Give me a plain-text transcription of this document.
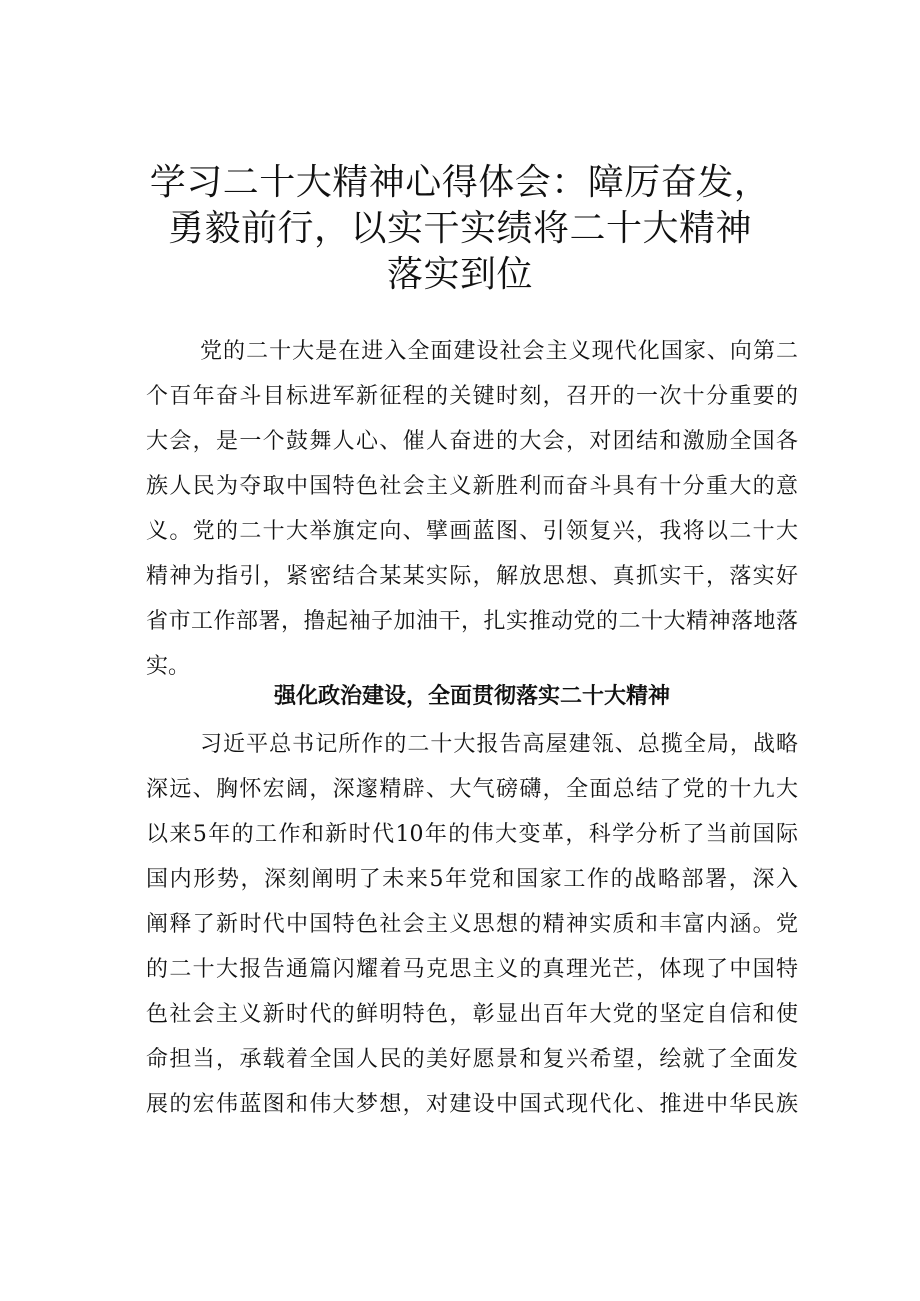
学习二十大精神心得体会：障厉奋发，
勇毅前行，以实干实绩将二十大精神
落实到位
党的二十大是在进入全面建设社会主义现代化国家、向第二
个百年奋斗目标进军新征程的关键时刻，召开的一次十分重要的
大会，是一个鼓舞人心、催人奋进的大会，对团结和激励全国各
族人民为夺取中国特色社会主义新胜利而奋斗具有十分重大的意
义。党的二十大举旗定向、擘画蓝图、引领复兴，我将以二十大
精神为指引，紧密结合某某实际，解放思想、真抓实干，落实好
省市工作部署，撸起袖子加油干，扎实推动党的二十大精神落地落
实。
强化政治建设，全面贯彻落实二十大精神
习近平总书记所作的二十大报告高屋建瓴、总揽全局，战略
深远、胸怀宏阔，深邃精辟、大气磅礴，全面总结了党的十九大
以来5年的工作和新时代10年的伟大变革，科学分析了当前国际
国内形势，深刻阐明了未来5年党和国家工作的战略部署，深入
阐释了新时代中国特色社会主义思想的精神实质和丰富内涵。党
的二十大报告通篇闪耀着马克思主义的真理光芒，体现了中国特
色社会主义新时代的鲜明特色，彰显出百年大党的坚定自信和使
命担当，承载着全国人民的美好愿景和复兴希望，绘就了全面发
展的宏伟蓝图和伟大梦想，对建设中国式现代化、推进中华民族
